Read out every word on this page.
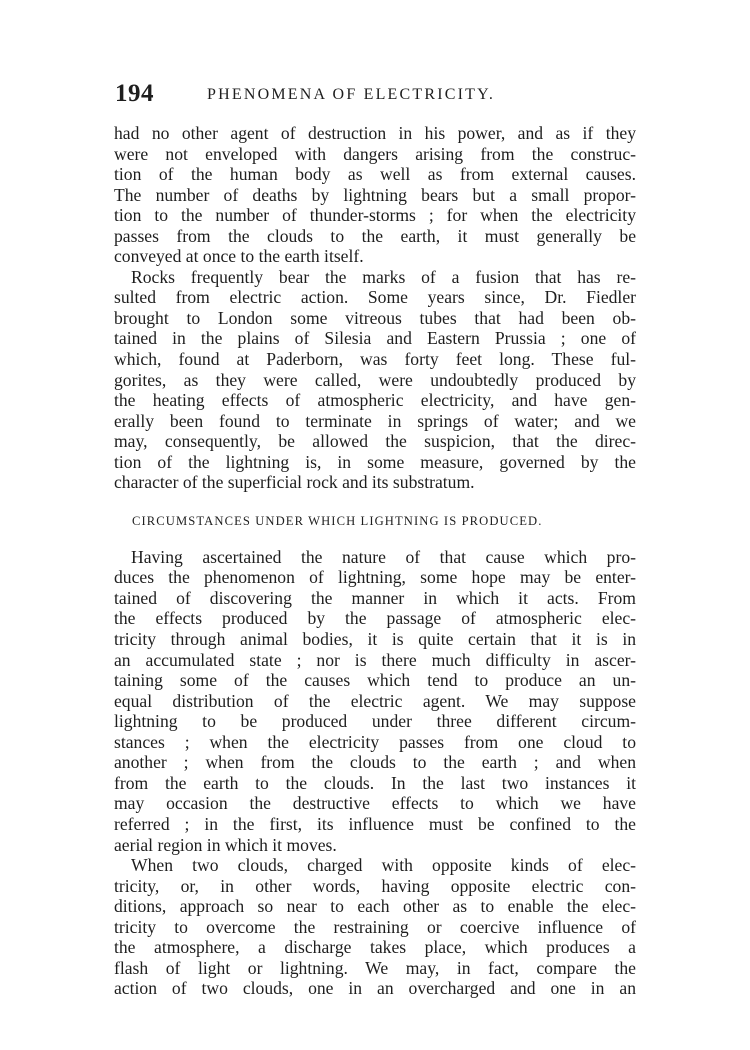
194	PHENOMENA OF ELECTRICITY.
had no other agent of destruction in his power, and as if they
were not enveloped with dangers arising from the construc-
tion of the human body as well as from external causes.
The number of deaths by lightning bears but a small propor-
tion to the number of thunder-storms ; for when the electricity
passes from the clouds to the earth, it must generally be
conveyed at once to the earth itself.
Rocks frequently bear the marks of a fusion that has re-
sulted from electric action. Some years since, Dr. Fiedler
brought to London some vitreous tubes that had been ob-
tained in the plains of Silesia and Eastern Prussia ; one of
which, found at Paderborn, was forty feet long. These ful-
gorites, as they were called, were undoubtedly produced by
the heating effects of atmospheric electricity, and have gen-
erally been found to terminate in springs of water; and we
may, consequently, be allowed the suspicion, that the direc-
tion of the lightning is, in some measure, governed by the
character of the superficial rock and its substratum.
CIRCUMSTANCES UNDER WHICH LIGHTNING IS PRODUCED.
Having ascertained the nature of that cause which pro-
duces the phenomenon of lightning, some hope may be enter-
tained of discovering the manner in which it acts. From
the effects produced by the passage of atmospheric elec-
tricity through animal bodies, it is quite certain that it is in
an accumulated state ; nor is there much difficulty in ascer-
taining some of the causes which tend to produce an un-
equal distribution of the electric agent. We may suppose
lightning to be produced under three different circum-
stances ; when the electricity passes from one cloud to
another ; when from the clouds to the earth ; and when
from the earth to the clouds. In the last two instances it
may occasion the destructive effects to which we have
referred ; in the first, its influence must be confined to the
aerial region in which it moves.
When two clouds, charged with opposite kinds of elec-
tricity, or, in other words, having opposite electric con-
ditions, approach so near to each other as to enable the elec-
tricity to overcome the restraining or coercive influence of
the atmosphere, a discharge takes place, which produces a
flash of light or lightning. We may, in fact, compare the
action of two clouds, one in an overcharged and one in an
